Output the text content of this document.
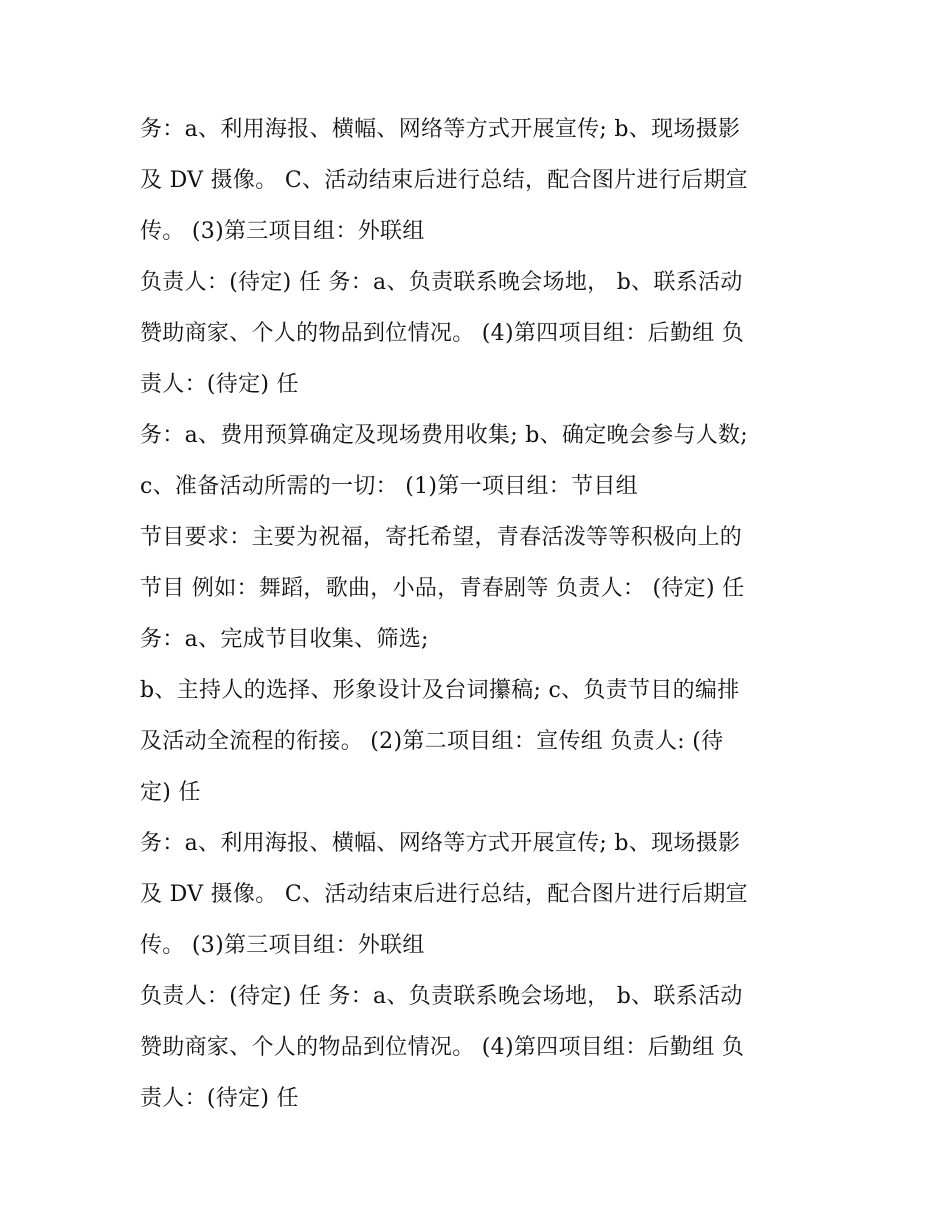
务：a、利用海报、横幅、网络等方式开展宣传; b、现场摄影
及 DV 摄像。 C、活动结束后进行总结，配合图片进行后期宣
传。 (3)第三项目组：外联组
负责人：(待定) 任 务：a、负责联系晚会场地， b、联系活动
赞助商家、个人的物品到位情况。 (4)第四项目组：后勤组 负
责人：(待定) 任
务：a、费用预算确定及现场费用收集; b、确定晚会参与人数;
c、准备活动所需的一切： (1)第一项目组：节目组
节目要求：主要为祝福，寄托希望，青春活泼等等积极向上的
节目 例如：舞蹈，歌曲，小品，青春剧等 负责人： (待定) 任
务：a、完成节目收集、筛选;
b、主持人的选择、形象设计及台词攥稿; c、负责节目的编排
及活动全流程的衔接。 (2)第二项目组：宣传组 负责人: (待
定) 任
务：a、利用海报、横幅、网络等方式开展宣传; b、现场摄影
及 DV 摄像。 C、活动结束后进行总结，配合图片进行后期宣
传。 (3)第三项目组：外联组
负责人：(待定) 任 务：a、负责联系晚会场地， b、联系活动
赞助商家、个人的物品到位情况。 (4)第四项目组：后勤组 负
责人：(待定) 任
